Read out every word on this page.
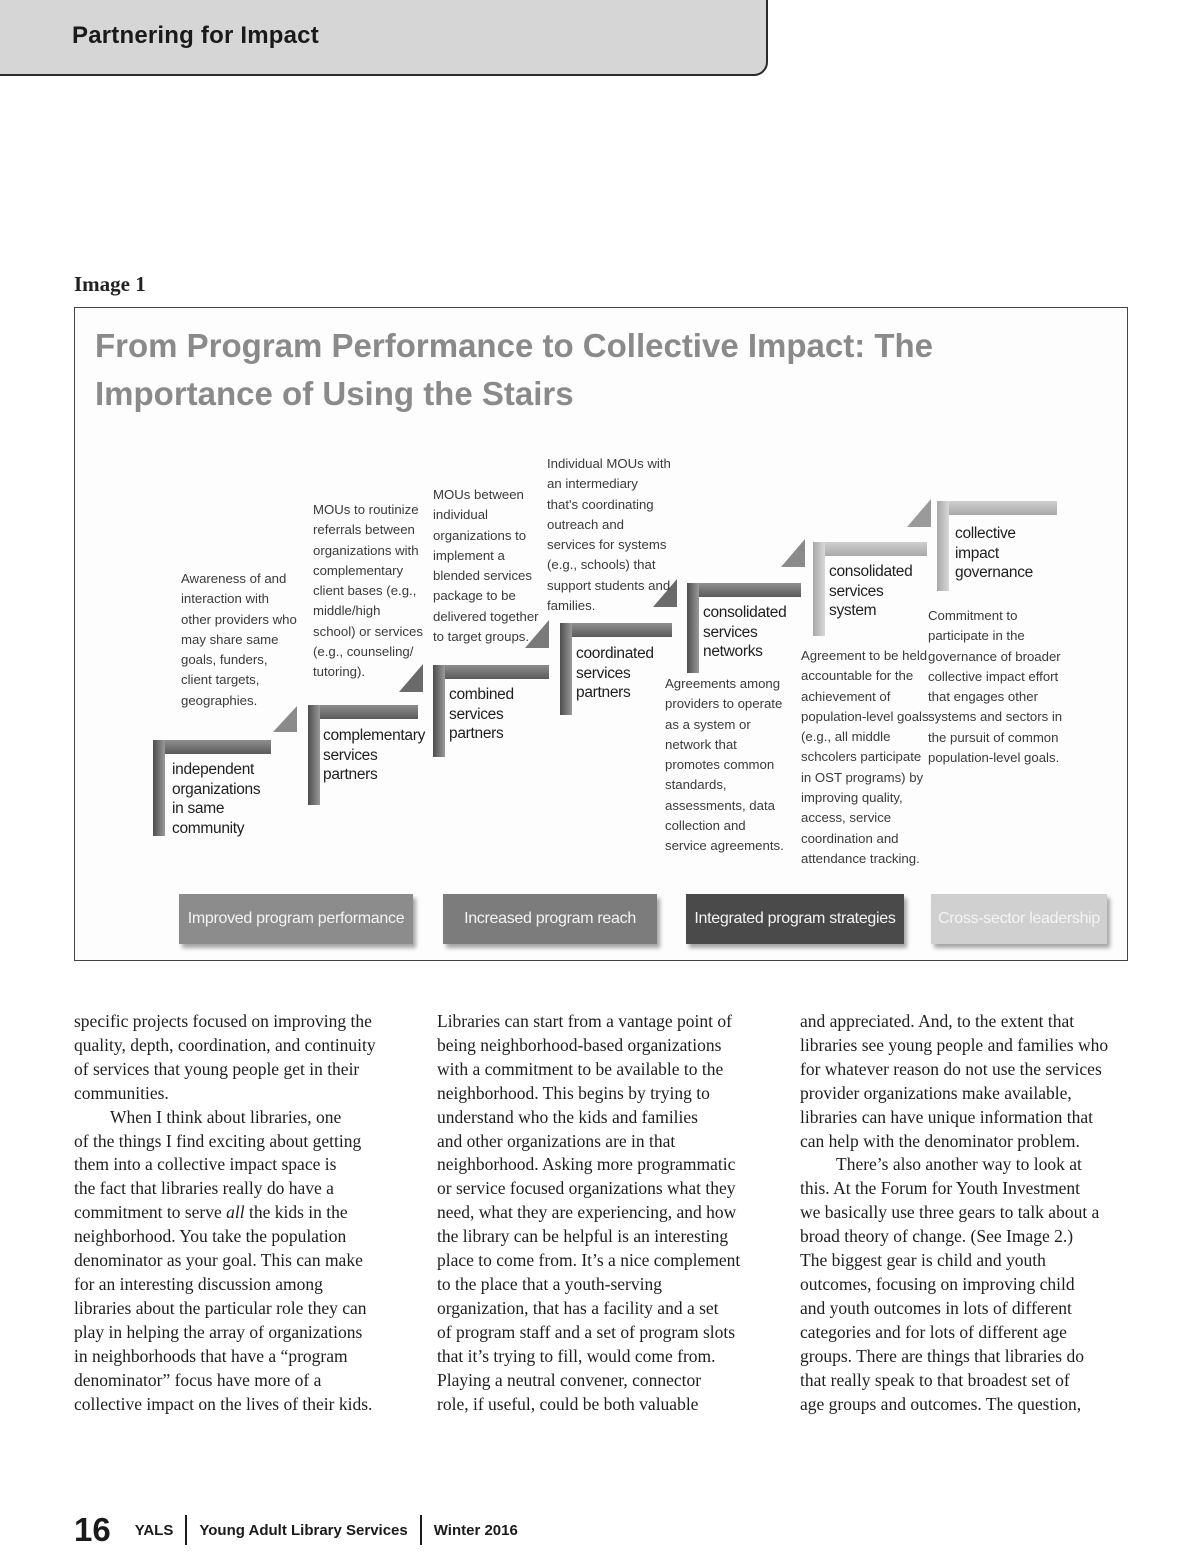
Partnering for Impact
Image 1
From Program Performance to Collective Impact: The
Importance of Using the Stairs
independent
organizations
in same
community
complementary
services
partners
combined
services
partners
coordinated
services
partners
consolidated
services
networks
consolidated
services
system
collective
impact
governance
Awareness of and
interaction with
other providers who
may share same
goals, funders,
client targets,
geographies.
MOUs to routinize
referrals between
organizations with
complementary
client bases (e.g.,
middle/high
school) or services
(e.g., counseling/
tutoring).
MOUs between
individual
organizations to
implement a
blended services
package to be
delivered together
to target groups.
Individual MOUs with
an intermediary
that's coordinating
outreach and
services for systems
(e.g., schools) that
support students and
families.
Agreements among
providers to operate
as a system or
network that
promotes common
standards,
assessments, data
collection and
service agreements.
Agreement to be held
accountable for the
achievement of
population-level goals
(e.g., all middle
schcolers participate
in OST programs) by
improving quality,
access, service
coordination and
attendance tracking.
Commitment to
participate in the
governance of broader
collective impact effort
that engages other
systems and sectors in
the pursuit of common
population-level goals.
Improved program performance	Increased program reach	Integrated program strategies	Cross-sector leadership

specific projects focused on improving the

quality, depth, coordination, and continuity

of services that young people get in their

communities.

When I think about libraries, one

of the things I find exciting about getting

them into a collective impact space is

the fact that libraries really do have a

commitment to serve all the kids in the

neighborhood. You take the population

denominator as your goal. This can make

for an interesting discussion among

libraries about the particular role they can

play in helping the array of organizations

in neighborhoods that have a “program

denominator” focus have more of a

collective impact on the lives of their kids.

Libraries can start from a vantage point of

being neighborhood-based organizations

with a commitment to be available to the

neighborhood. This begins by trying to

understand who the kids and families

and other organizations are in that

neighborhood. Asking more programmatic

or service focused organizations what they

need, what they are experiencing, and how

the library can be helpful is an interesting

place to come from. It’s a nice complement

to the place that a youth-serving

organization, that has a facility and a set

of program staff and a set of program slots

that it’s trying to fill, would come from.

Playing a neutral convener, connector

role, if useful, could be both valuable

and appreciated. And, to the extent that

libraries see young people and families who

for whatever reason do not use the services

provider organizations make available,

libraries can have unique information that

can help with the denominator problem.

There’s also another way to look at

this. At the Forum for Youth Investment

we basically use three gears to talk about a

broad theory of change. (See Image 2.)

The biggest gear is child and youth

outcomes, focusing on improving child

and youth outcomes in lots of different

categories and for lots of different age

groups. There are things that libraries do

that really speak to that broadest set of

age groups and outcomes. The question,

16 YALS Young Adult Library Services Winter 2016
